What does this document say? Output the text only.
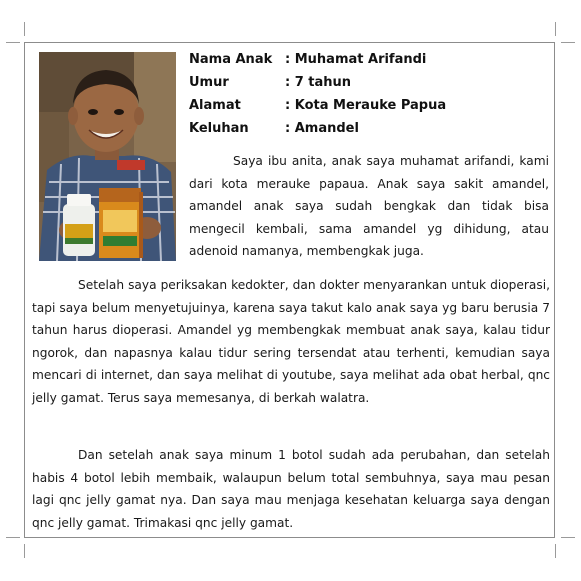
Nama Anak : Muhamat Arifandi
Umur	: 7 tahun
Alamat	: Kota Merauke Papua
Keluhan	: Amandel

Saya ibu anita, anak saya muhamat arifandi, kami dari kota merauke papaua. Anak saya sakit amandel, amandel anak saya sudah bengkak dan tidak bisa mengecil kembali, sama amandel yg dihidung, atau adenoid namanya, membengkak juga.

Setelah saya periksakan kedokter, dan dokter menyarankan untuk dioperasi, tapi saya belum menyetujuinya, karena saya takut kalo anak saya yg baru berusia 7 tahun harus dioperasi. Amandel yg membengkak membuat anak saya, kalau tidur ngorok, dan napasnya kalau tidur sering tersendat atau terhenti, kemudian saya mencari di internet, dan saya melihat di youtube, saya melihat ada obat herbal, qnc jelly gamat. Terus saya memesanya, di berkah walatra.

Dan setelah anak saya minum 1 botol sudah ada perubahan, dan setelah habis 4 botol lebih membaik, walaupun belum total sembuhnya, saya mau pesan lagi qnc jelly gamat nya. Dan saya mau menjaga kesehatan keluarga saya dengan qnc jelly gamat. Trimakasi qnc jelly gamat.
